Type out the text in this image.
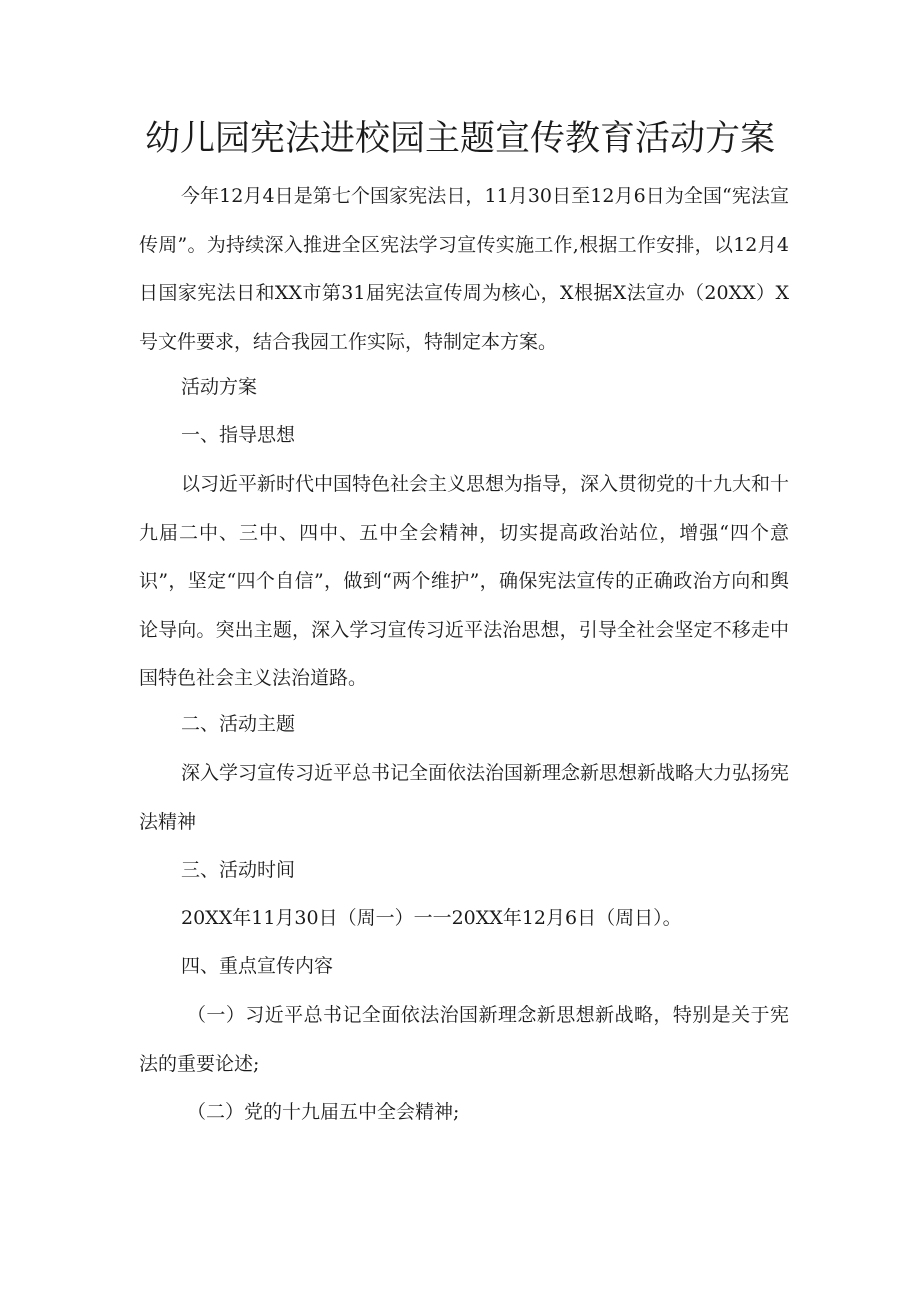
幼儿园宪法进校园主题宣传教育活动方案

今年12月4日是第七个国家宪法日，11月30日至12月6日为全国“宪法宣传周”。为持续深入推进全区宪法学习宣传实施工作,根据工作安排，以12月4日国家宪法日和XX市第31届宪法宣传周为核心，X根据X法宣办（20XX）X号文件要求，结合我园工作实际，特制定本方案。

活动方案

一、指导思想

以习近平新时代中国特色社会主义思想为指导，深入贯彻党的十九大和十九届二中、三中、四中、五中全会精神，切实提高政治站位，增强“四个意识”，坚定“四个自信”，做到“两个维护”，确保宪法宣传的正确政治方向和舆论导向。突出主题，深入学习宣传习近平法治思想，引导全社会坚定不移走中国特色社会主义法治道路。

二、活动主题

深入学习宣传习近平总书记全面依法治国新理念新思想新战略大力弘扬宪法精神

三、活动时间

20XX年11月30日（周一）一一20XX年12月6日（周日）。

四、重点宣传内容

（一）习近平总书记全面依法治国新理念新思想新战略，特别是关于宪法的重要论述;

（二）党的十九届五中全会精神;
